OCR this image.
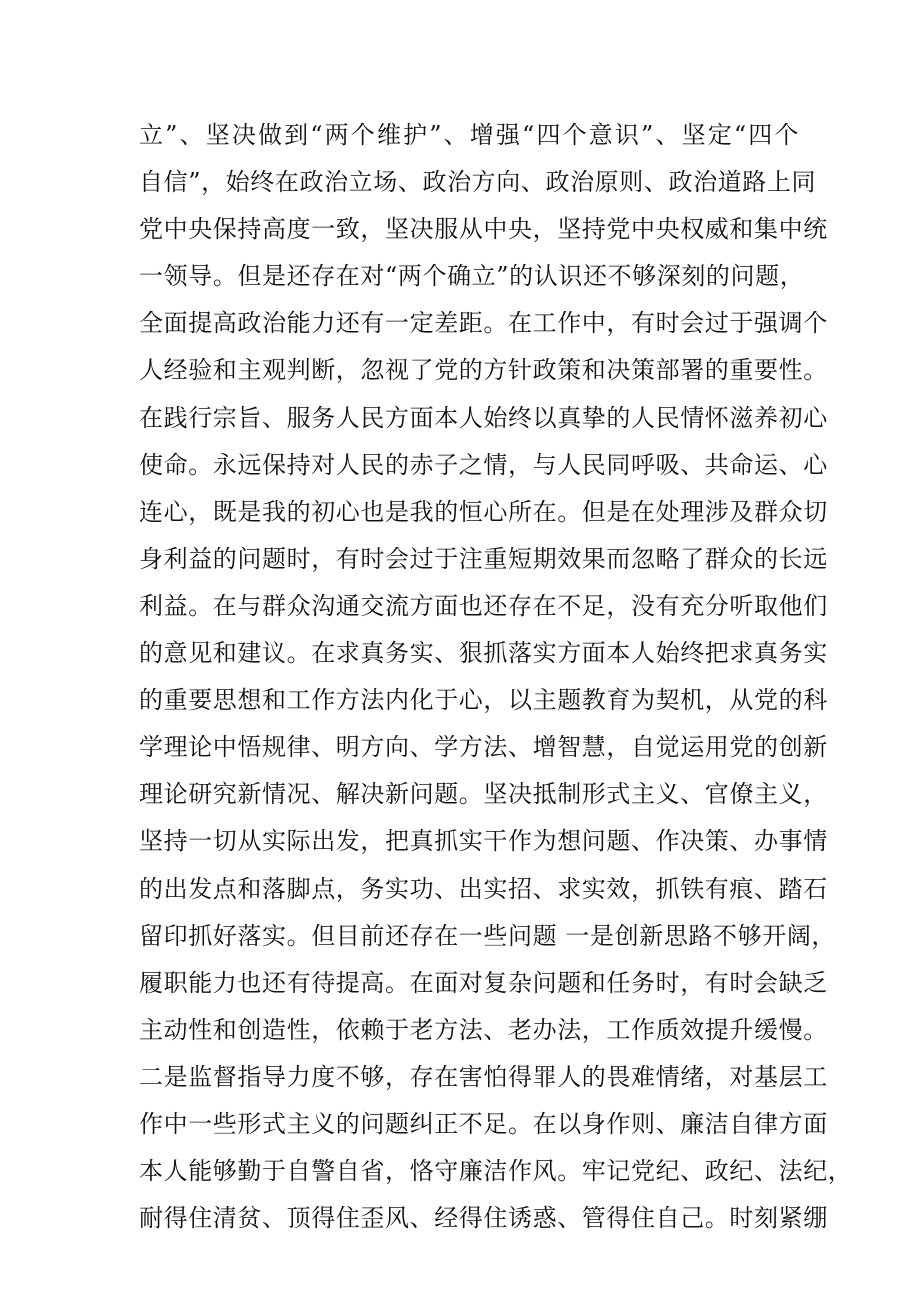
立”、坚决做到“两个维护”、增强“四个意识”、坚定“四个
自信”，始终在政治立场、政治方向、政治原则、政治道路上同
党中央保持高度一致，坚决服从中央，坚持党中央权威和集中统
一领导。但是还存在对“两个确立”的认识还不够深刻的问题，
全面提高政治能力还有一定差距。在工作中，有时会过于强调个
人经验和主观判断，忽视了党的方针政策和决策部署的重要性。
在践行宗旨、服务人民方面本人始终以真挚的人民情怀滋养初心
使命。永远保持对人民的赤子之情，与人民同呼吸、共命运、心
连心，既是我的初心也是我的恒心所在。但是在处理涉及群众切
身利益的问题时，有时会过于注重短期效果而忽略了群众的长远
利益。在与群众沟通交流方面也还存在不足，没有充分听取他们
的意见和建议。在求真务实、狠抓落实方面本人始终把求真务实
的重要思想和工作方法内化于心，以主题教育为契机，从党的科
学理论中悟规律、明方向、学方法、增智慧，自觉运用党的创新
理论研究新情况、解决新问题。坚决抵制形式主义、官僚主义，
坚持一切从实际出发，把真抓实干作为想问题、作决策、办事情
的出发点和落脚点，务实功、出实招、求实效，抓铁有痕、踏石
留印抓好落实。但目前还存在一些问题 一是创新思路不够开阔，
履职能力也还有待提高。在面对复杂问题和任务时，有时会缺乏
主动性和创造性，依赖于老方法、老办法，工作质效提升缓慢。
二是监督指导力度不够，存在害怕得罪人的畏难情绪，对基层工
作中一些形式主义的问题纠正不足。在以身作则、廉洁自律方面
本人能够勤于自警自省，恪守廉洁作风。牢记党纪、政纪、法纪，
耐得住清贫、顶得住歪风、经得住诱惑、管得住自己。时刻紧绷
